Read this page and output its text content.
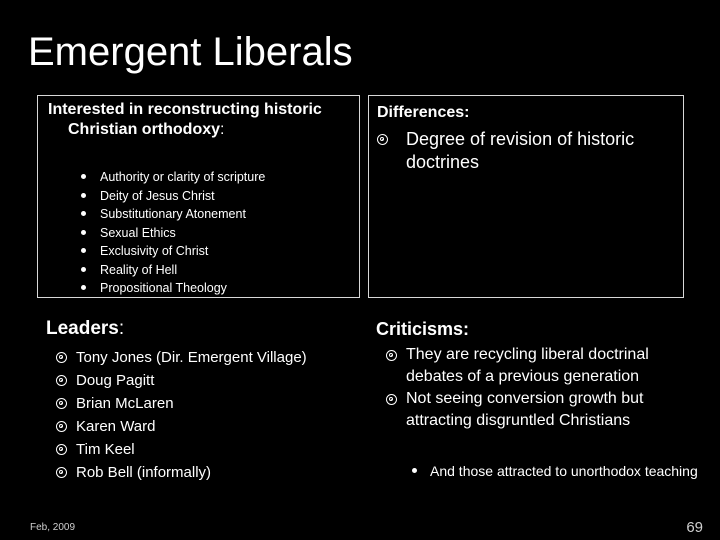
Emergent Liberals
Interested in reconstructing historic Christian orthodoxy:
Authority or clarity of scripture
Deity of Jesus Christ
Substitutionary Atonement
Sexual Ethics
Exclusivity of Christ
Reality of Hell
Propositional Theology
Differences:
Degree of revision of historic doctrines
Leaders:
Tony Jones (Dir. Emergent Village)
Doug Pagitt
Brian McLaren
Karen Ward
Tim Keel
Rob Bell (informally)
Criticisms:
They are recycling liberal doctrinal debates of a previous generation
Not seeing conversion growth but attracting disgruntled Christians
And those attracted to unorthodox teaching
Feb, 2009	69
